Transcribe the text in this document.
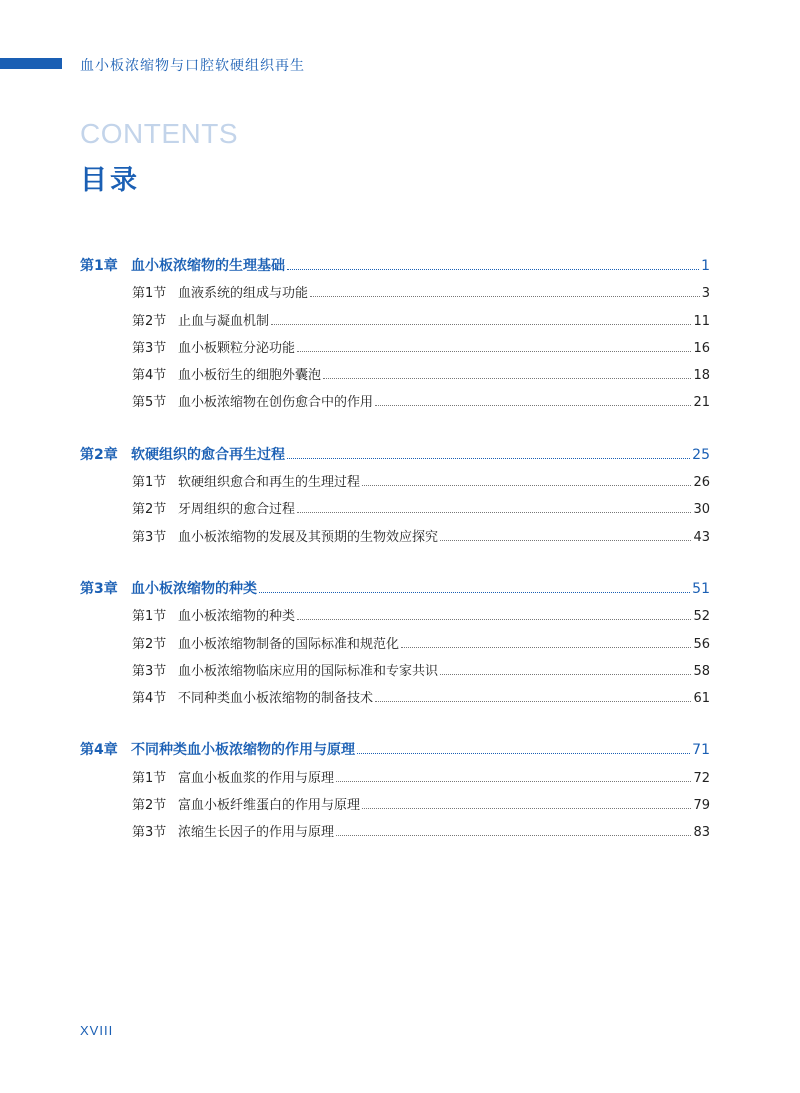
血小板浓缩物与口腔软硬组织再生
CONTENTS
目录
第1章 血小板浓缩物的生理基础	1
第1节 血液系统的组成与功能	3
第2节 止血与凝血机制	11
第3节 血小板颗粒分泌功能	16
第4节 血小板衍生的细胞外囊泡	18
第5节 血小板浓缩物在创伤愈合中的作用	21
第2章 软硬组织的愈合再生过程	25
第1节 软硬组织愈合和再生的生理过程	26
第2节 牙周组织的愈合过程	30
第3节 血小板浓缩物的发展及其预期的生物效应探究	43
第3章 血小板浓缩物的种类	51
第1节 血小板浓缩物的种类	52
第2节 血小板浓缩物制备的国际标准和规范化	56
第3节 血小板浓缩物临床应用的国际标准和专家共识	58
第4节 不同种类血小板浓缩物的制备技术	61
第4章 不同种类血小板浓缩物的作用与原理	71
第1节 富血小板血浆的作用与原理	72
第2节 富血小板纤维蛋白的作用与原理	79
第3节 浓缩生长因子的作用与原理	83
XVIII
